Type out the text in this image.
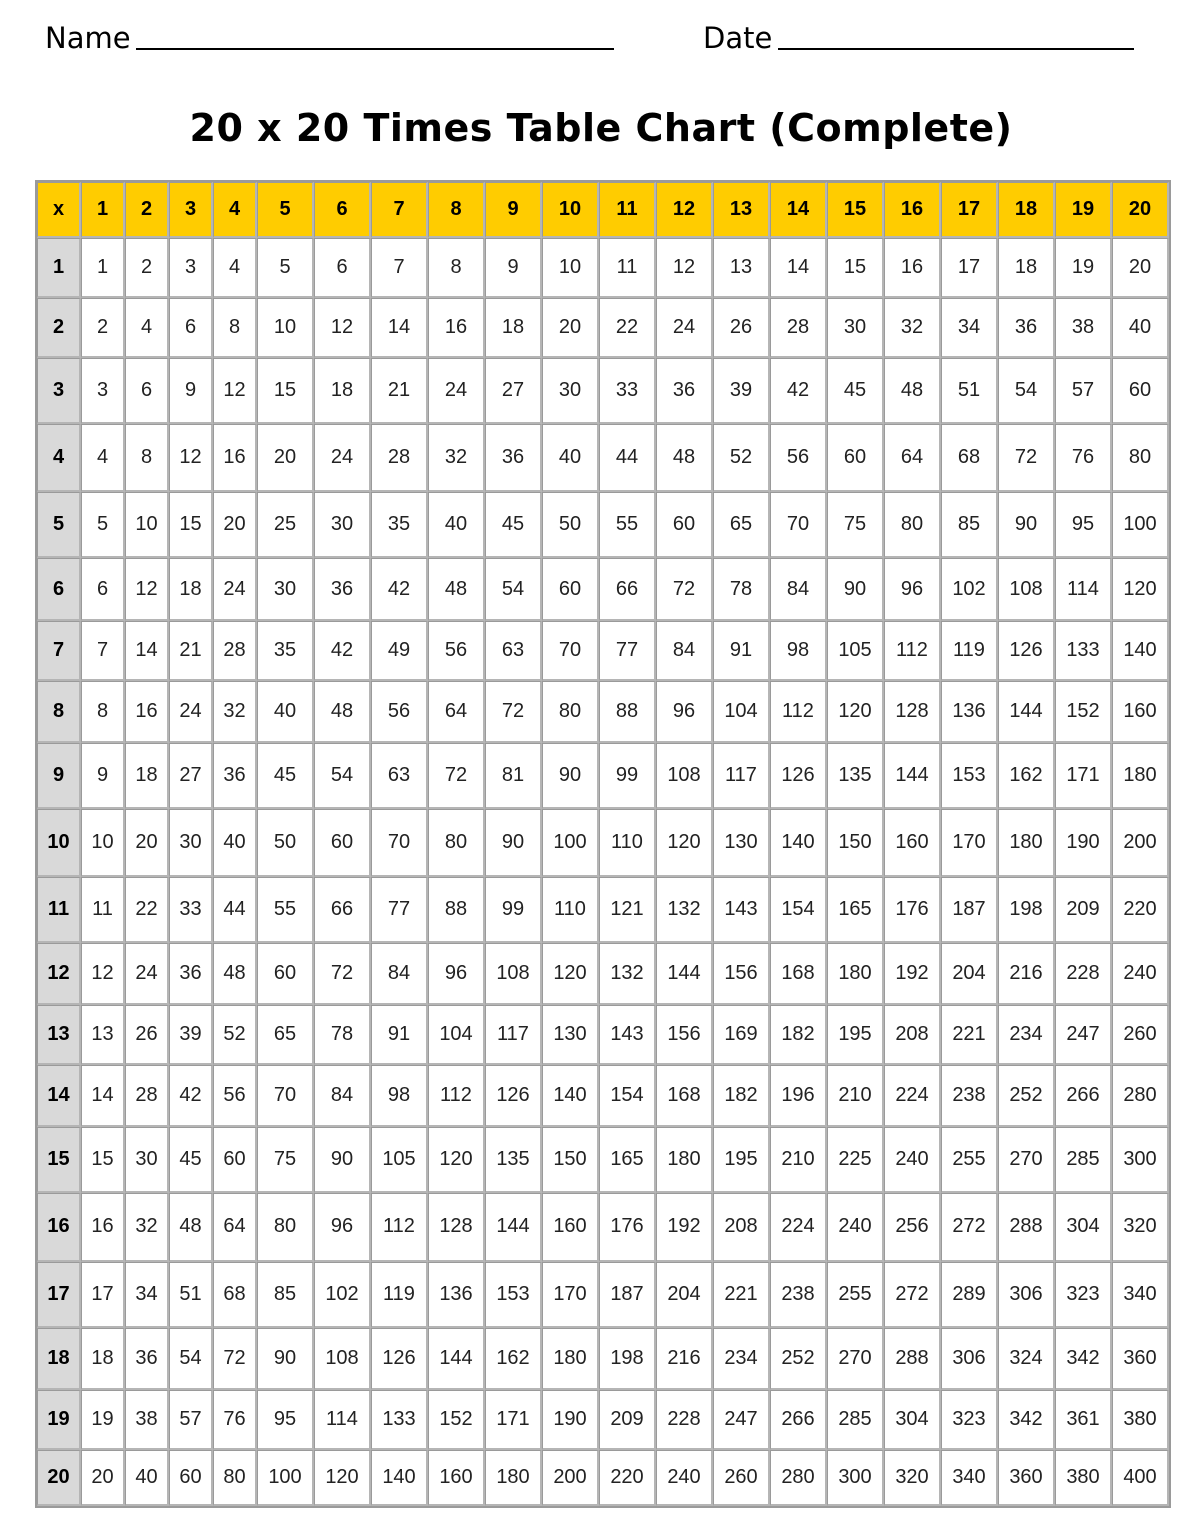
Name	Date
20 x 20 Times Table Chart (Complete)
x	1	2	3	4	5	6	7	8	9	10	11	12	13	14	15	16	17	18	19	20
1	1	2	3	4	5	6	7	8	9	10	11	12	13	14	15	16	17	18	19	20
2	2	4	6	8	10	12	14	16	18	20	22	24	26	28	30	32	34	36	38	40
3	3	6	9	12	15	18	21	24	27	30	33	36	39	42	45	48	51	54	57	60
4	4	8	12	16	20	24	28	32	36	40	44	48	52	56	60	64	68	72	76	80
5	5	10	15	20	25	30	35	40	45	50	55	60	65	70	75	80	85	90	95	100
6	6	12	18	24	30	36	42	48	54	60	66	72	78	84	90	96	102	108	114	120
7	7	14	21	28	35	42	49	56	63	70	77	84	91	98	105	112	119	126	133	140
8	8	16	24	32	40	48	56	64	72	80	88	96	104	112	120	128	136	144	152	160
9	9	18	27	36	45	54	63	72	81	90	99	108	117	126	135	144	153	162	171	180
10	10	20	30	40	50	60	70	80	90	100	110	120	130	140	150	160	170	180	190	200
11	11	22	33	44	55	66	77	88	99	110	121	132	143	154	165	176	187	198	209	220
12	12	24	36	48	60	72	84	96	108	120	132	144	156	168	180	192	204	216	228	240
13	13	26	39	52	65	78	91	104	117	130	143	156	169	182	195	208	221	234	247	260
14	14	28	42	56	70	84	98	112	126	140	154	168	182	196	210	224	238	252	266	280
15	15	30	45	60	75	90	105	120	135	150	165	180	195	210	225	240	255	270	285	300
16	16	32	48	64	80	96	112	128	144	160	176	192	208	224	240	256	272	288	304	320
17	17	34	51	68	85	102	119	136	153	170	187	204	221	238	255	272	289	306	323	340
18	18	36	54	72	90	108	126	144	162	180	198	216	234	252	270	288	306	324	342	360
19	19	38	57	76	95	114	133	152	171	190	209	228	247	266	285	304	323	342	361	380
20	20	40	60	80	100	120	140	160	180	200	220	240	260	280	300	320	340	360	380	400
